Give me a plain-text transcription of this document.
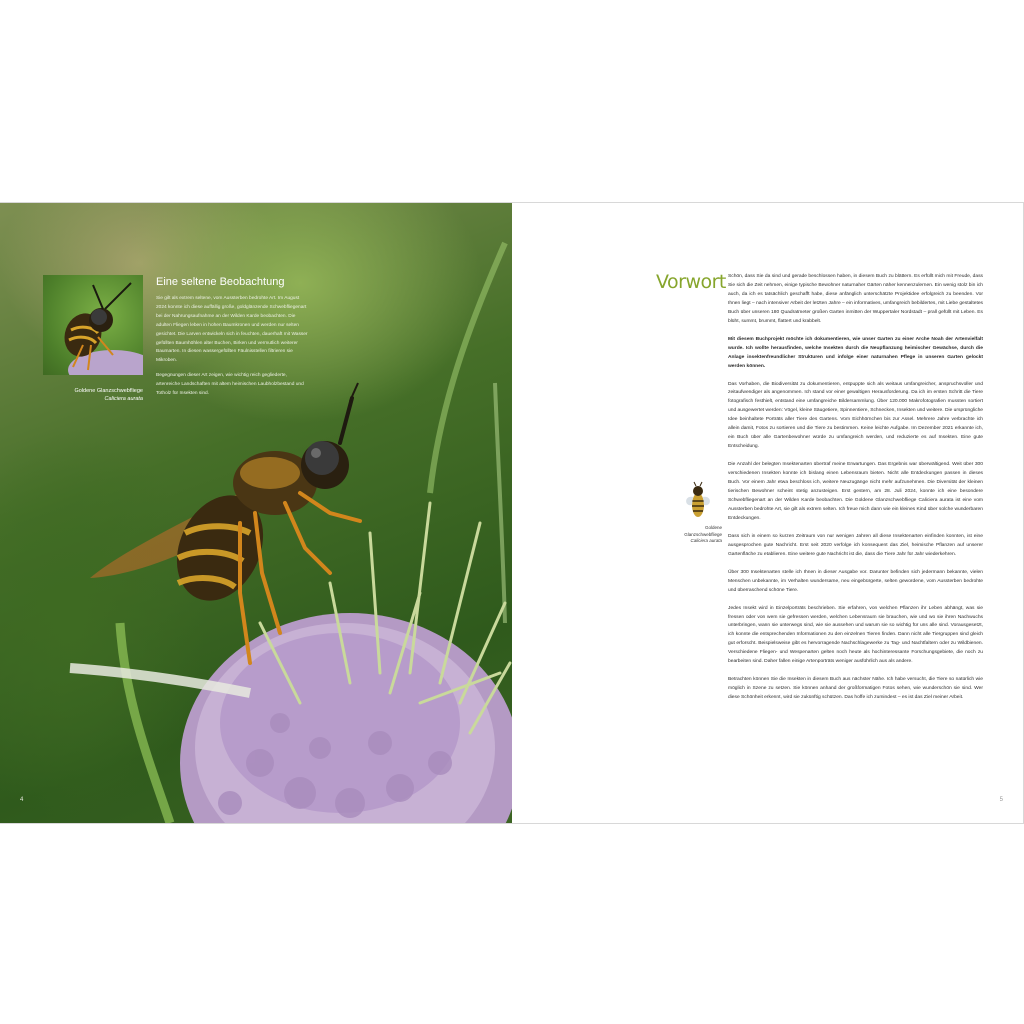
Goldene Glanzschwebfliege
Caliciera aurata
Eine seltene Beobachtung

Sie gilt als extrem seltene, vom Aussterben bedrohte Art. Im August 2024 konnte ich diese auffällig große, goldglänzende Schwebfliegenart bei der Nahrungsaufnahme an der Wilden Karde beobachten. Die adulten Fliegen leben in hohen Baumkronen und werden nur selten gesichtet. Die Larven entwickeln sich in feuchten, dauerhaft mit Wasser gefüllten Baumhöhlen alter Buchen, Birken und vermutlich weiterer Baumarten. In diesen wassergefüllten Fäulnisstellen filtrieren sie Mikroben.

Begegnungen dieser Art zeigen, wie wichtig reich gegliederte, artenreiche Landschaften mit altem heimischen Laubholzbestand und Totholz für Insekten sind.

4
Vorwort Schön, dass Sie da sind und gerade beschlossen haben, in diesem Buch zu blättern. Es erfüllt mich mit Freude, dass Sie sich die Zeit nehmen, einige typische Bewohner naturnaher Gärten näher kennenzulernen. Ein wenig stolz bin ich auch, da ich es tatsächlich geschafft habe, diese anfänglich unterschätzte Projektidee erfolgreich zu beenden. Vor Ihnen liegt – nach intensiver Arbeit der letzten Jahre – ein informatives, umfangreich bebildertes, mit Liebe gestaltetes Buch über unseren 180 Quadratmeter großen Garten inmitten der Wuppertaler Nordstadt – prall gefüllt mit Leben. Es blüht, summt, brummt, flattert und krabbelt.

Mit diesem Buchprojekt möchte ich dokumentieren, wie unser Garten zu einer Arche Noah der Artenvielfalt wurde. Ich wollte herausfinden, welche Insekten durch die Neupflanzung heimischer Gewächse, durch die Anlage insektenfreundlicher Strukturen und infolge einer naturnahen Pflege in unseren Garten gelockt werden können.

Das Vorhaben, die Biodiversität zu dokumentieren, entpuppte sich als weitaus umfangreicher, anspruchsvoller und zeitaufwendiger als angenommen. Ich stand vor einer gewaltigen Herausforderung. Da ich im ersten Schritt die Tiere fotografisch festhielt, entstand eine umfangreiche Bildersammlung. Über 120.000 Makrofotografien mussten sortiert und ausgewertet werden: Vögel, kleine Säugetiere, Spinnentiere, Schnecken, Insekten und weitere. Die ursprüngliche Idee beinhaltete Porträts aller Tiere des Gartens. Vom Eichhörnchen bis zur Assel. Mehrere Jahre verbrachte ich allein damit, Fotos zu sortieren und die Tiere zu bestimmen. Keine leichte Aufgabe. Im Dezember 2021 erkannte ich, ein Buch über alle Gartenbewohner würde zu umfangreich werden, und reduzierte es auf Insekten. Eine gute Entscheidung.

Die Anzahl der belegten Insektenarten übertraf meine Erwartungen. Das Ergebnis war überwältigend. Weit über 300 verschiedenen Insekten konnte ich bislang einen Lebensraum bieten. Nicht alle Entdeckungen passen in dieses Buch. Vor einem Jahr etwa beschloss ich, weitere Neuzugänge nicht mehr aufzunehmen. Die Diversität der kleinen tierischen Bewohner scheint stetig anzusteigen. Erst gestern, am 28. Juli 2024, konnte ich eine besondere Schwebfliegenart an der Wilden Karde beobachten. Die Goldene Glanzschwebfliege Caliciera aurata ist eine vom Aussterben bedrohte Art, sie gilt als extrem selten. Ich freue mich dann wie ein kleines Kind über solche wunderbaren Entdeckungen.

Dass sich in einem so kurzen Zeitraum von nur wenigen Jahren all diese Insektenarten einfinden konnten, ist eine ausgesprochen gute Nachricht. Erst seit 2020 verfolge ich konsequent das Ziel, heimische Pflanzen auf unserer Gartenfläche zu etablieren. Eine weitere gute Nachricht ist die, dass die Tiere Jahr für Jahr wiederkehren.

Über 300 Insektenarten stelle ich Ihnen in dieser Ausgabe vor. Darunter befinden sich jedermann bekannte, vielen Menschen unbekannte, im Verhalten wundersame, neu eingebürgerte, selten gewordene, vom Aussterben bedrohte und überraschend schöne Tiere.

Jedes Insekt wird in Einzelporträts beschrieben. Sie erfahren, von welchen Pflanzen ihr Leben abhängt, was sie fressen oder von wem sie gefressen werden, welchen Lebensraum sie brauchen, wie und wo sie ihren Nachwuchs unterbringen, wann sie unterwegs sind, wie sie aussehen und warum sie so wichtig für uns alle sind. Vorausgesetzt, ich konnte die entsprechenden Informationen zu den einzelnen Tieren finden. Dann nicht alle Tiergruppen sind gleich gut erforscht. Beispielsweise gibt es hervorragende Nachschlagewerke zu Tag- und Nachtfaltern oder zu Wildbienen. Verschiedene Fliegen- und Wespenarten gelten noch heute als hochinteressante Forschungsgebiete, die noch zu bearbeiten sind. Daher fallen einige Artenporträts weniger ausführlich aus als andere.

Betrachten können Sie die Insekten in diesem Buch aus nächster Nähe. Ich habe versucht, die Tiere so natürlich wie möglich in Szene zu setzen. Sie können anhand der großformatigen Fotos sehen, wie wunderschön sie sind. Wer diese Schönheit erkennt, wird sie zukünftig schützen. Das hoffe ich zumindest – es ist das Ziel meiner Arbeit.

Goldene Glanzschwebfliege
Caliciera aurata
5
